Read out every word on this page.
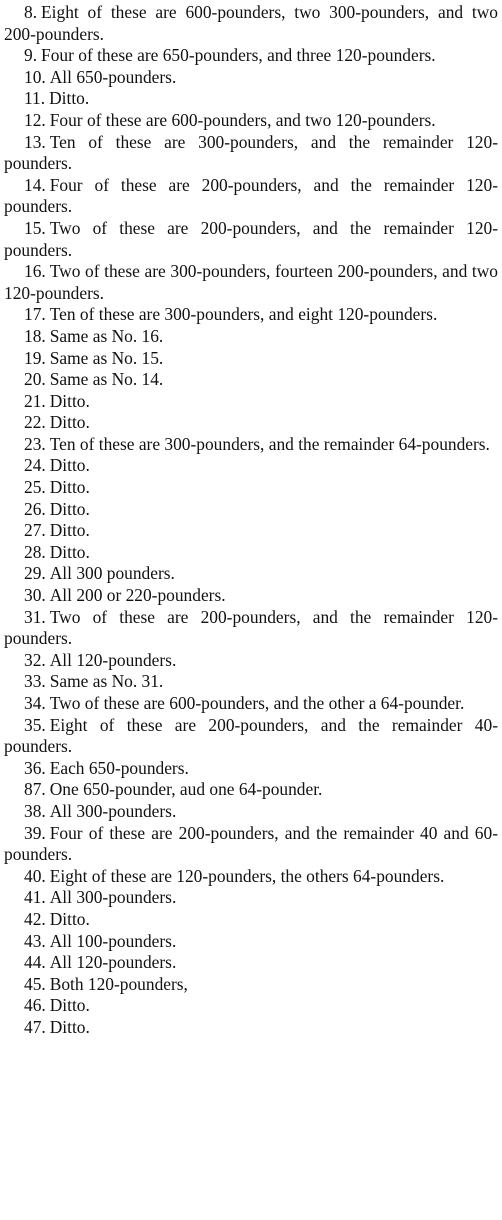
8. Eight of these are 600-pounders, two 300-pounders, and two 200-pounders.

9. Four of these are 650-pounders, and three 120-pounders.

10. All 650-pounders.

11. Ditto.

12. Four of these are 600-pounders, and two 120-pounders.

13. Ten of these are 300-pounders, and the remainder 120-pounders.

14. Four of these are 200-pounders, and the remainder 120-pounders.

15. Two of these are 200-pounders, and the remainder 120-pounders.

16. Two of these are 300-pounders, fourteen 200-pounders, and two 120-pounders.

17. Ten of these are 300-pounders, and eight 120-pounders.

18. Same as No. 16.

19. Same as No. 15.

20. Same as No. 14.

21. Ditto.

22. Ditto.

23. Ten of these are 300-pounders, and the remainder 64-pounders.

24. Ditto.

25. Ditto.

26. Ditto.

27. Ditto.

28. Ditto.

29. All 300 pounders.

30. All 200 or 220-pounders.

31. Two of these are 200-pounders, and the remainder 120-pounders.

32. All 120-pounders.

33. Same as No. 31.

34. Two of these are 600-pounders, and the other a 64-pounder.

35. Eight of these are 200-pounders, and the remainder 40-pounders.

36. Each 650-pounders.

87. One 650-pounder, aud one 64-pounder.

38. All 300-pounders.

39. Four of these are 200-pounders, and the remainder 40 and 60-pounders.

40. Eight of these are 120-pounders, the others 64-pounders.

41. All 300-pounders.

42. Ditto.

43. All 100-pounders.

44. All 120-pounders.

45. Both 120-pounders,

46. Ditto.

47. Ditto.
